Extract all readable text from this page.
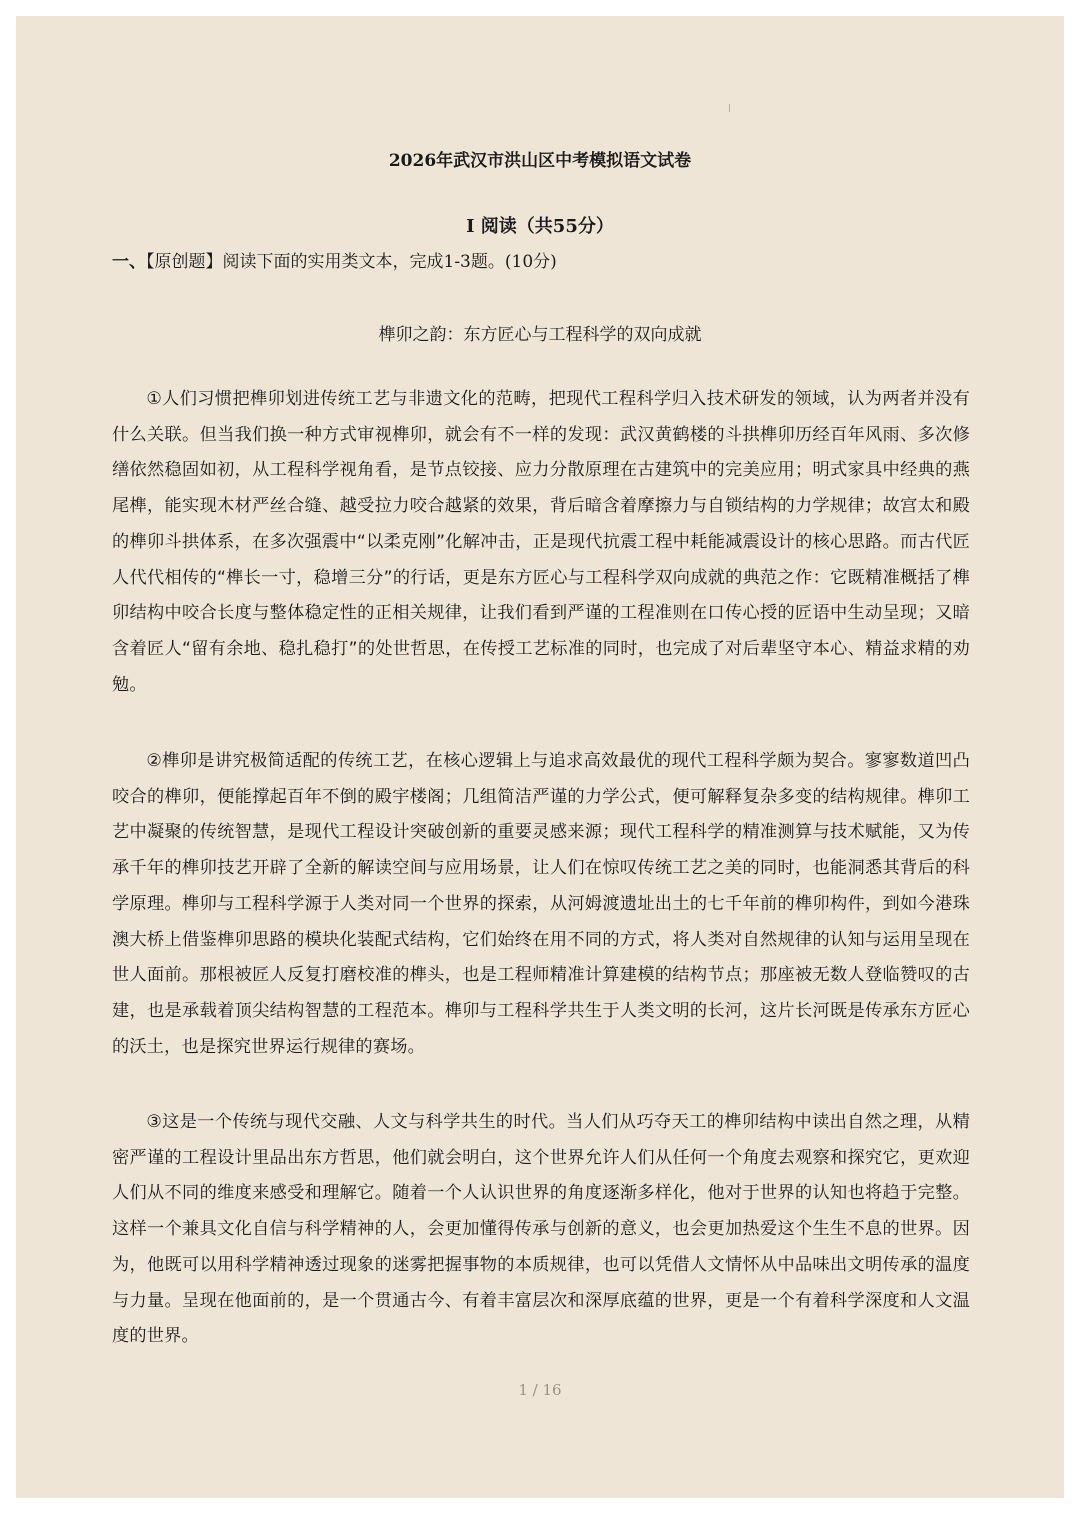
2026年武汉市洪山区中考模拟语文试卷
Ⅰ 阅读（共55分）
一、【原创题】阅读下面的实用类文本，完成1-3题。(10分)
榫卯之韵：东方匠心与工程科学的双向成就

①人们习惯把榫卯划进传统工艺与非遗文化的范畴，把现代工程科学归入技术研发的领域，认为两者并没有什么关联。但当我们换一种方式审视榫卯，就会有不一样的发现：武汉黄鹤楼的斗拱榫卯历经百年风雨、多次修缮依然稳固如初，从工程科学视角看，是节点铰接、应力分散原理在古建筑中的完美应用；明式家具中经典的燕尾榫，能实现木材严丝合缝、越受拉力咬合越紧的效果，背后暗含着摩擦力与自锁结构的力学规律；故宫太和殿的榫卯斗拱体系，在多次强震中“以柔克刚”化解冲击，正是现代抗震工程中耗能减震设计的核心思路。而古代匠人代代相传的“榫长一寸，稳增三分”的行话，更是东方匠心与工程科学双向成就的典范之作：它既精准概括了榫卯结构中咬合长度与整体稳定性的正相关规律，让我们看到严谨的工程准则在口传心授的匠语中生动呈现；又暗含着匠人“留有余地、稳扎稳打”的处世哲思，在传授工艺标准的同时，也完成了对后辈坚守本心、精益求精的劝勉。

②榫卯是讲究极简适配的传统工艺，在核心逻辑上与追求高效最优的现代工程科学颇为契合。寥寥数道凹凸咬合的榫卯，便能撑起百年不倒的殿宇楼阁；几组简洁严谨的力学公式，便可解释复杂多变的结构规律。榫卯工艺中凝聚的传统智慧，是现代工程设计突破创新的重要灵感来源；现代工程科学的精准测算与技术赋能，又为传承千年的榫卯技艺开辟了全新的解读空间与应用场景，让人们在惊叹传统工艺之美的同时，也能洞悉其背后的科学原理。榫卯与工程科学源于人类对同一个世界的探索，从河姆渡遗址出土的七千年前的榫卯构件，到如今港珠澳大桥上借鉴榫卯思路的模块化装配式结构，它们始终在用不同的方式，将人类对自然规律的认知与运用呈现在世人面前。那根被匠人反复打磨校准的榫头，也是工程师精准计算建模的结构节点；那座被无数人登临赞叹的古建，也是承载着顶尖结构智慧的工程范本。榫卯与工程科学共生于人类文明的长河，这片长河既是传承东方匠心的沃土，也是探究世界运行规律的赛场。

③这是一个传统与现代交融、人文与科学共生的时代。当人们从巧夺天工的榫卯结构中读出自然之理，从精密严谨的工程设计里品出东方哲思，他们就会明白，这个世界允许人们从任何一个角度去观察和探究它，更欢迎人们从不同的维度来感受和理解它。随着一个人认识世界的角度逐渐多样化，他对于世界的认知也将趋于完整。这样一个兼具文化自信与科学精神的人，会更加懂得传承与创新的意义，也会更加热爱这个生生不息的世界。因为，他既可以用科学精神透过现象的迷雾把握事物的本质规律，也可以凭借人文情怀从中品味出文明传承的温度与力量。呈现在他面前的，是一个贯通古今、有着丰富层次和深厚底蕴的世界，更是一个有着科学深度和人文温度的世界。

1 / 16
